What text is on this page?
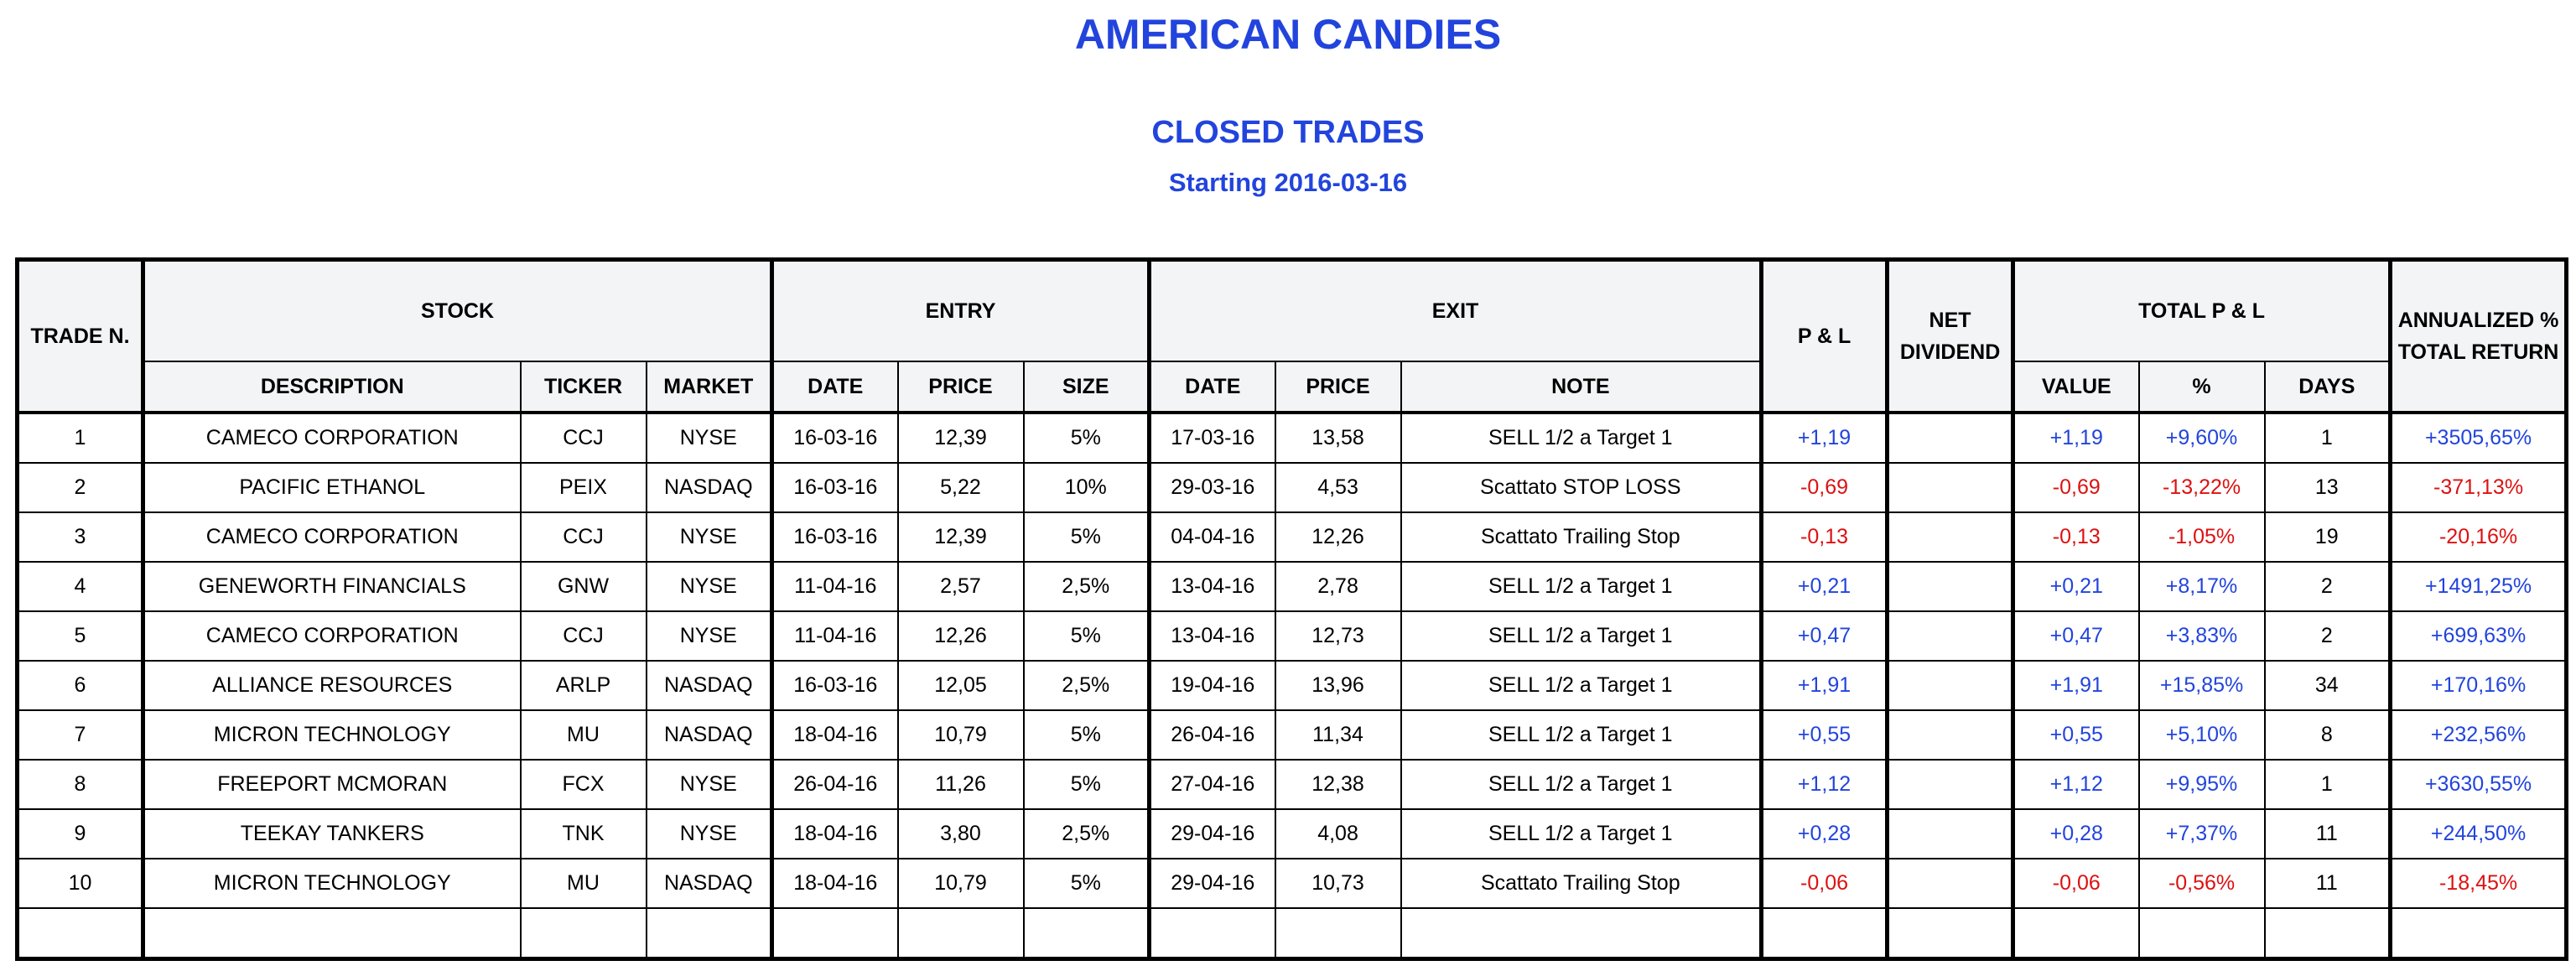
AMERICAN CANDIES
CLOSED TRADES
Starting 2016-03-16
TRADE N.	STOCK			ENTRY			EXIT			P & L	NET DIVIDEND	TOTAL P & L			ANNUALIZED % TOTAL RETURN
	DESCRIPTION	TICKER	MARKET	DATE	PRICE	SIZE	DATE	PRICE	NOTE			VALUE	%	DAYS	
1	CAMECO CORPORATION	CCJ	NYSE	16-03-16	12,39	5%	17-03-16	13,58	SELL 1/2 a Target 1	+1,19		+1,19	+9,60%	1	+3505,65%
2	PACIFIC ETHANOL	PEIX	NASDAQ	16-03-16	5,22	10%	29-03-16	4,53	Scattato STOP LOSS	-0,69		-0,69	-13,22%	13	-371,13%
3	CAMECO CORPORATION	CCJ	NYSE	16-03-16	12,39	5%	04-04-16	12,26	Scattato Trailing Stop	-0,13		-0,13	-1,05%	19	-20,16%
4	GENEWORTH FINANCIALS	GNW	NYSE	11-04-16	2,57	2,5%	13-04-16	2,78	SELL 1/2 a Target 1	+0,21		+0,21	+8,17%	2	+1491,25%
5	CAMECO CORPORATION	CCJ	NYSE	11-04-16	12,26	5%	13-04-16	12,73	SELL 1/2 a Target 1	+0,47		+0,47	+3,83%	2	+699,63%
6	ALLIANCE RESOURCES	ARLP	NASDAQ	16-03-16	12,05	2,5%	19-04-16	13,96	SELL 1/2 a Target 1	+1,91		+1,91	+15,85%	34	+170,16%
7	MICRON TECHNOLOGY	MU	NASDAQ	18-04-16	10,79	5%	26-04-16	11,34	SELL 1/2 a Target 1	+0,55		+0,55	+5,10%	8	+232,56%
8	FREEPORT MCMORAN	FCX	NYSE	26-04-16	11,26	5%	27-04-16	12,38	SELL 1/2 a Target 1	+1,12		+1,12	+9,95%	1	+3630,55%
9	TEEKAY TANKERS	TNK	NYSE	18-04-16	3,80	2,5%	29-04-16	4,08	SELL 1/2 a Target 1	+0,28		+0,28	+7,37%	11	+244,50%
10	MICRON TECHNOLOGY	MU	NASDAQ	18-04-16	10,79	5%	29-04-16	10,73	Scattato Trailing Stop	-0,06		-0,06	-0,56%	11	-18,45%
